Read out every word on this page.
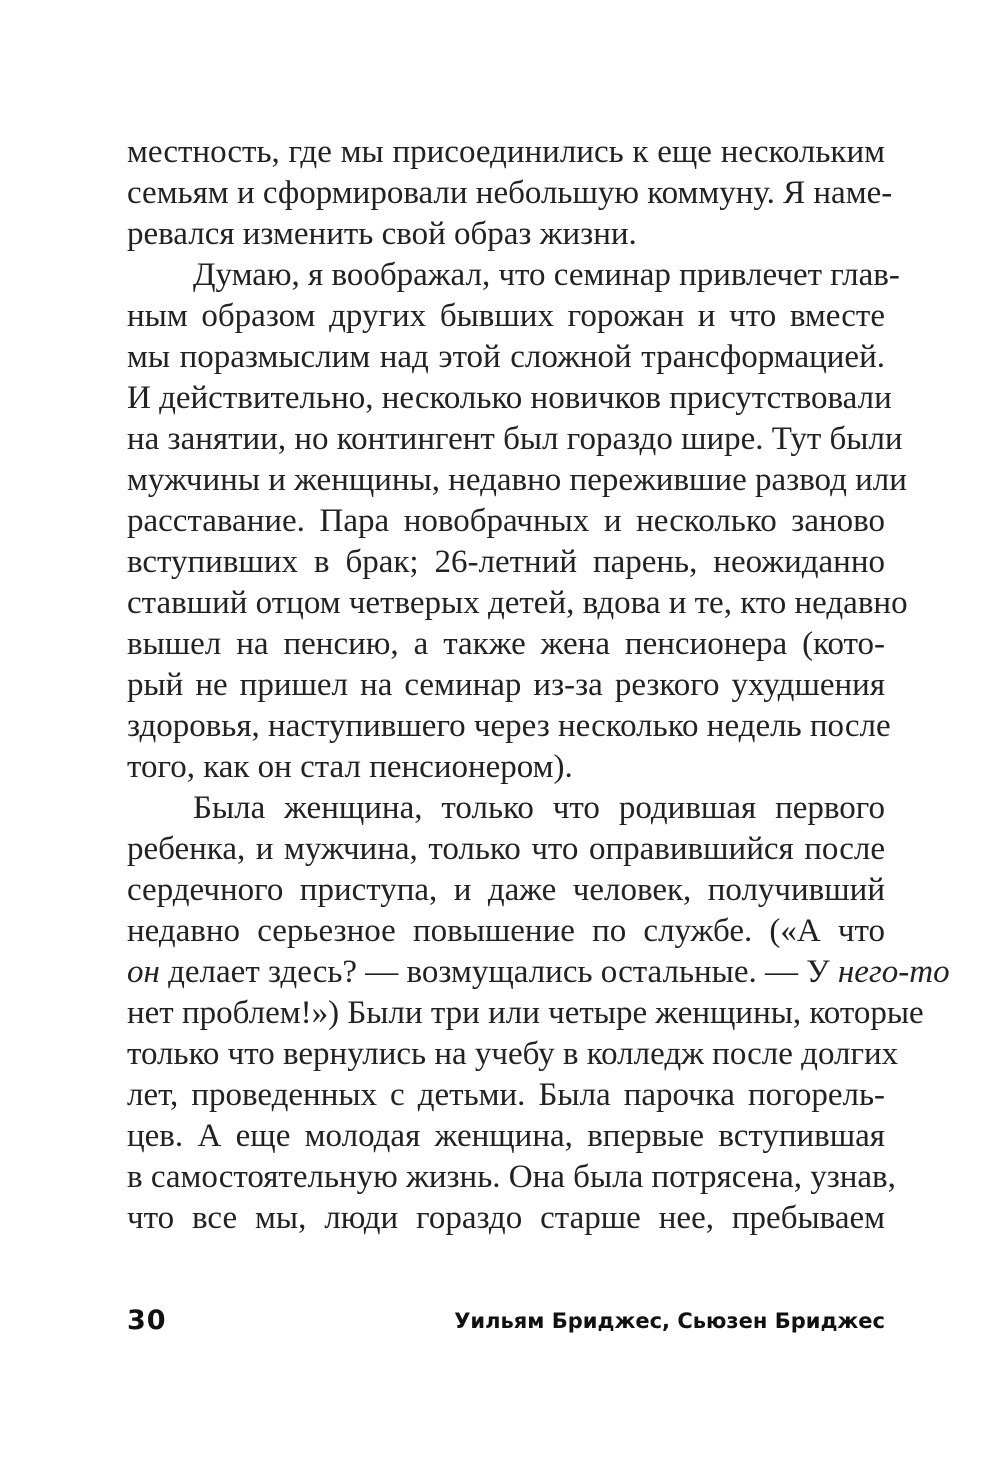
местность, где мы присоединились к еще нескольким
семьям и сформировали небольшую коммуну. Я наме-
ревался изменить свой образ жизни.
Думаю, я воображал, что семинар привлечет глав-
ным образом других бывших горожан и что вместе
мы поразмыслим над этой сложной трансформацией.
И действительно, несколько новичков присутствовали
на занятии, но контингент был гораздо шире. Тут были
мужчины и женщины, недавно пережившие развод или
расставание. Пара новобрачных и несколько заново
вступивших в брак; 26-летний парень, неожиданно
ставший отцом четверых детей, вдова и те, кто недавно
вышел на пенсию, а также жена пенсионера (кото-
рый не пришел на семинар из-за резкого ухудшения
здоровья, наступившего через несколько недель после
того, как он стал пенсионером).
Была женщина, только что родившая первого
ребенка, и мужчина, только что оправившийся после
сердечного приступа, и даже человек, получивший
недавно серьезное повышение по службе. («А что
он делает здесь? — возмущались остальные. — У него-то
нет проблем!») Были три или четыре женщины, которые
только что вернулись на учебу в колледж после долгих
лет, проведенных с детьми. Была парочка погорель-
цев. А еще молодая женщина, впервые вступившая
в самостоятельную жизнь. Она была потрясена, узнав,
что все мы, люди гораздо старше нее, пребываем
30	Уильям Бриджес, Сьюзен Бриджес
